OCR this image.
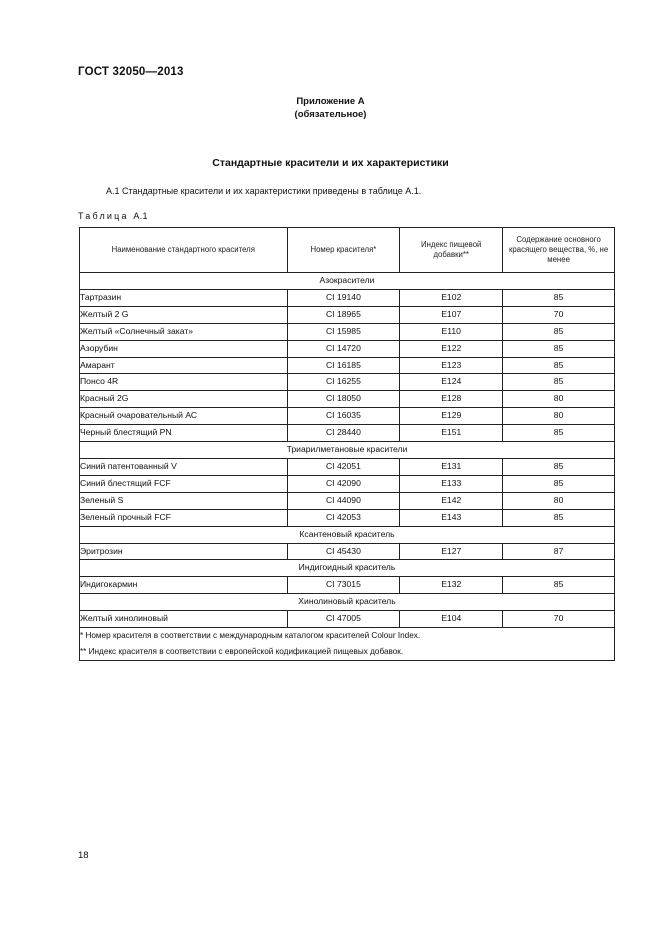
ГОСТ 32050—2013
Приложение А
(обязательное)
Стандартные красители и их характеристики
А.1 Стандартные красители и их характеристики приведены в таблице А.1.
Таблица А.1
Наименование стандартного красителя	Номер красителя*	Индекс пищевой добавки**	Содержание основного красящего вещества, %, не менее
Азокрасители			
Тартразин	CI 19140	E102	85
Желтый 2 G	CI 18965	E107	70
Желтый «Солнечный закат»	CI 15985	E110	85
Азорубин	CI 14720	E122	85
Амарант	CI 16185	E123	85
Понсо 4R	CI 16255	E124	85
Красный 2G	CI 18050	E128	80
Красный очаровательный АС	CI 16035	E129	80
Черный блестящий PN	CI 28440	E151	85
Триарилметановые красители			
Синий патентованный V	CI 42051	E131	85
Синий блестящий FCF	CI 42090	E133	85
Зеленый S	CI 44090	E142	80
Зеленый прочный FCF	CI 42053	E143	85
Ксантеновый краситель			
Эритрозин	CI 45430	E127	87
Индигоидный краситель			
Индигокармин	CI 73015	E132	85
Хинолиновый краситель			
Желтый хинолиновый	CI 47005	E104	70

* Номер красителя в соответствии с международным каталогом красителей Colour Index.
** Индекс красителя в соответствии с европейской кодификацией пищевых добавок.			
18
